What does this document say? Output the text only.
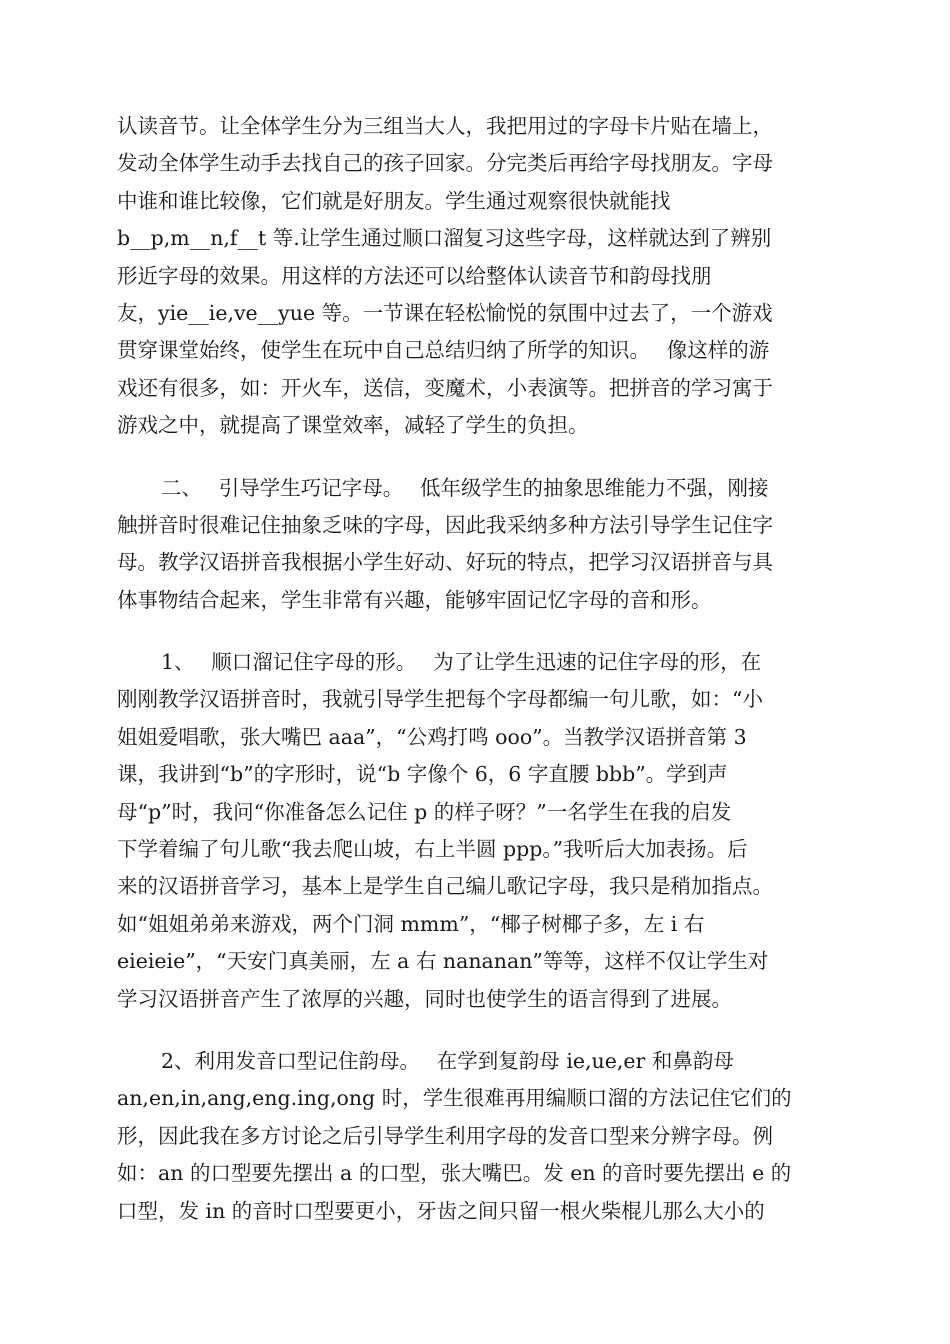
认读音节。让全体学生分为三组当大人，我把用过的字母卡片贴在墙上，
发动全体学生动手去找自己的孩子回家。分完类后再给字母找朋友。字母
中谁和谁比较像，它们就是好朋友。学生通过观察很快就能找
b__p,m__n,f__t 等.让学生通过顺口溜复习这些字母，这样就达到了辨别
形近字母的效果。用这样的方法还可以给整体认读音节和韵母找朋
友，yie__ie,ve__yue 等。一节课在轻松愉悦的氛围中过去了，一个游戏
贯穿课堂始终，使学生在玩中自己总结归纳了所学的知识。　 像这样的游
戏还有很多，如：开火车，送信，变魔术，小表演等。把拼音的学习寓于
游戏之中，就提高了课堂效率，减轻了学生的负担。
二、　 引导学生巧记字母。　 低年级学生的抽象思维能力不强，刚接
触拼音时很难记住抽象乏味的字母，因此我采纳多种方法引导学生记住字
母。教学汉语拼音我根据小学生好动、好玩的特点，把学习汉语拼音与具
体事物结合起来，学生非常有兴趣，能够牢固记忆字母的音和形。
1、　 顺口溜记住字母的形。　 为了让学生迅速的记住字母的形，在
刚刚教学汉语拼音时，我就引导学生把每个字母都编一句儿歌，如：“小
姐姐爱唱歌，张大嘴巴 aaa”，“公鸡打鸣 ooo”。当教学汉语拼音第 3
课，我讲到“b”的字形时，说“b 字像个 6，6 字直腰 bbb”。学到声
母“p”时，我问“你准备怎么记住 p 的样子呀？”一名学生在我的启发
下学着编了句儿歌“我去爬山坡，右上半圆 ppp。”我听后大加表扬。后
来的汉语拼音学习，基本上是学生自己编儿歌记字母，我只是稍加指点。
如“姐姐弟弟来游戏，两个门洞 mmm”，“椰子树椰子多，左 i 右
eieieie”，“天安门真美丽，左 a 右 nananan”等等，这样不仅让学生对
学习汉语拼音产生了浓厚的兴趣，同时也使学生的语言得到了进展。
2、利用发音口型记住韵母。　 在学到复韵母 ie,ue,er 和鼻韵母
an,en,in,ang,eng.ing,ong 时，学生很难再用编顺口溜的方法记住它们的
形，因此我在多方讨论之后引导学生利用字母的发音口型来分辨字母。例
如：an 的口型要先摆出 a 的口型，张大嘴巴。发 en 的音时要先摆出 e 的
口型，发 in 的音时口型要更小，牙齿之间只留一根火柴棍儿那么大小的
